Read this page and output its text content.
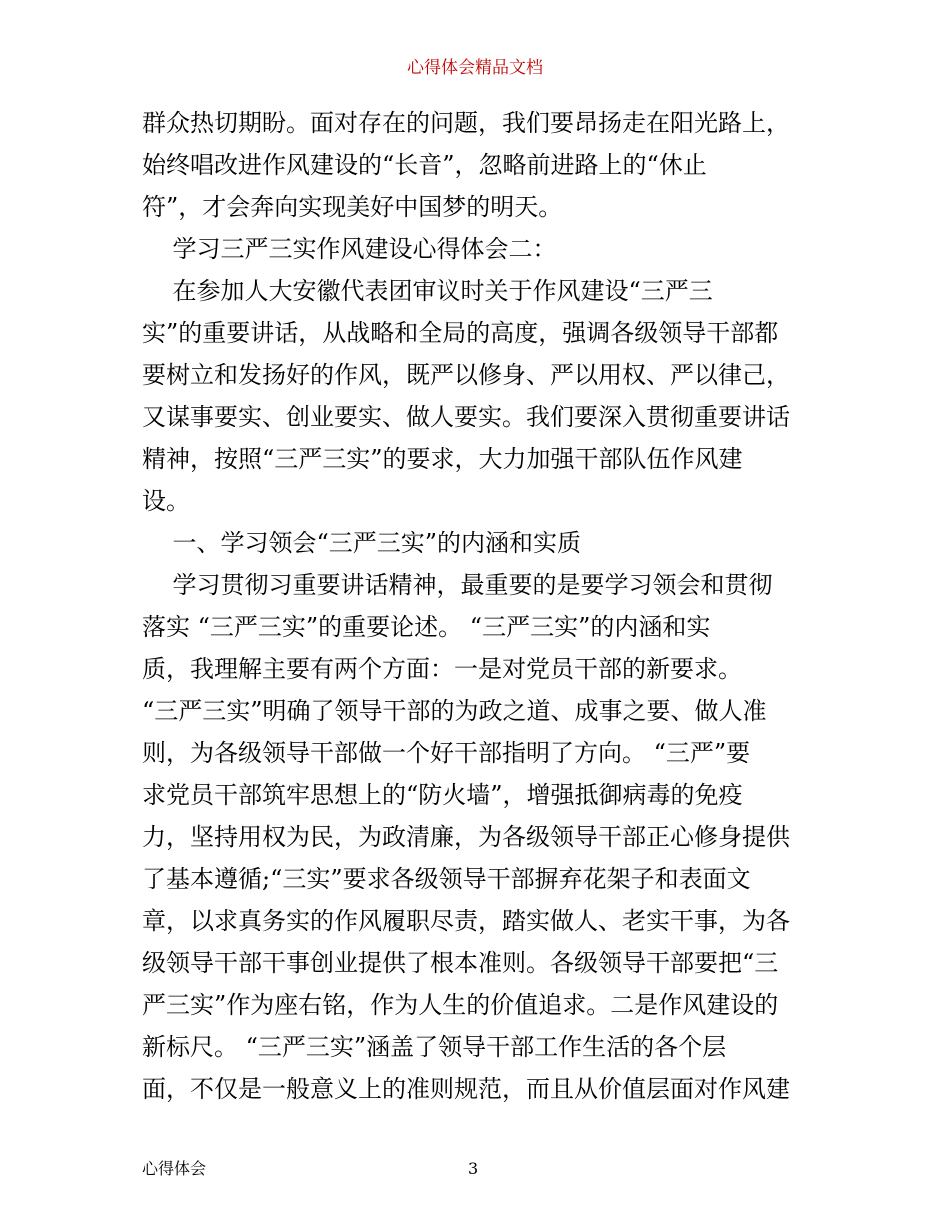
心得体会精品文档
群众热切期盼。面对存在的问题，我们要昂扬走在阳光路上，
始终唱改进作风建设的“长音”，忽略前进路上的“休止
符”，才会奔向实现美好中国梦的明天。
学习三严三实作风建设心得体会二：
在参加人大安徽代表团审议时关于作风建设“三严三
实”的重要讲话，从战略和全局的高度，强调各级领导干部都
要树立和发扬好的作风，既严以修身、严以用权、严以律己，
又谋事要实、创业要实、做人要实。我们要深入贯彻重要讲话
精神，按照“三严三实”的要求，大力加强干部队伍作风建
设。
一、学习领会“三严三实”的内涵和实质
学习贯彻习重要讲话精神，最重要的是要学习领会和贯彻
落实 “三严三实”的重要论述。 “三严三实”的内涵和实
质，我理解主要有两个方面：一是对党员干部的新要求。
“三严三实”明确了领导干部的为政之道、成事之要、做人准
则，为各级领导干部做一个好干部指明了方向。 “三严”要
求党员干部筑牢思想上的“防火墙”，增强抵御病毒的免疫
力，坚持用权为民，为政清廉，为各级领导干部正心修身提供
了基本遵循;“三实”要求各级领导干部摒弃花架子和表面文
章，以求真务实的作风履职尽责，踏实做人、老实干事，为各
级领导干部干事创业提供了根本准则。各级领导干部要把“三
严三实”作为座右铭，作为人生的价值追求。二是作风建设的
新标尺。 “三严三实”涵盖了领导干部工作生活的各个层
面，不仅是一般意义上的准则规范，而且从价值层面对作风建
心得体会	3
